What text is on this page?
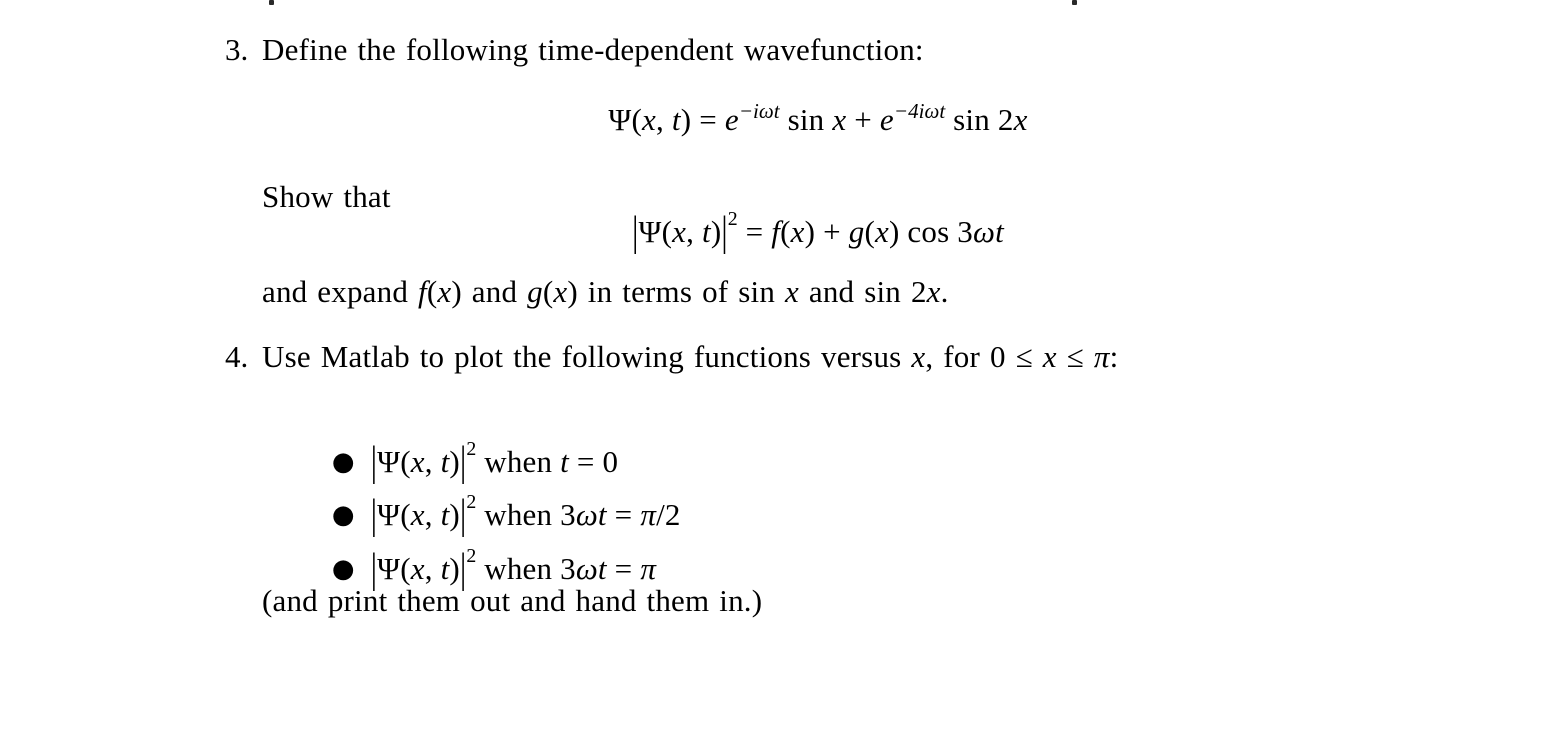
3. Define the following time-dependent wavefunction:
Ψ(x, $t) = e^{-i\omega t}$ $\sin x + e^{-4i\omega t}$ sin 2x
Show that
|Ψ(x, $t)|^2 = f(x) + g(x)$ cos 3ωt
and expand f(x) and g(x) in terms of sin x and sin 2x.
4. Use Matlab to plot the following functions versus x, for 0 ≤ x ≤ π:

● |Ψ(x, $t)|^2$ when t = 0

● |Ψ(x, $t)|^2$ when 3ωt = π/2

● |Ψ(x, $t)|^2$ when 3ωt = π

(and print them out and hand them in.)
